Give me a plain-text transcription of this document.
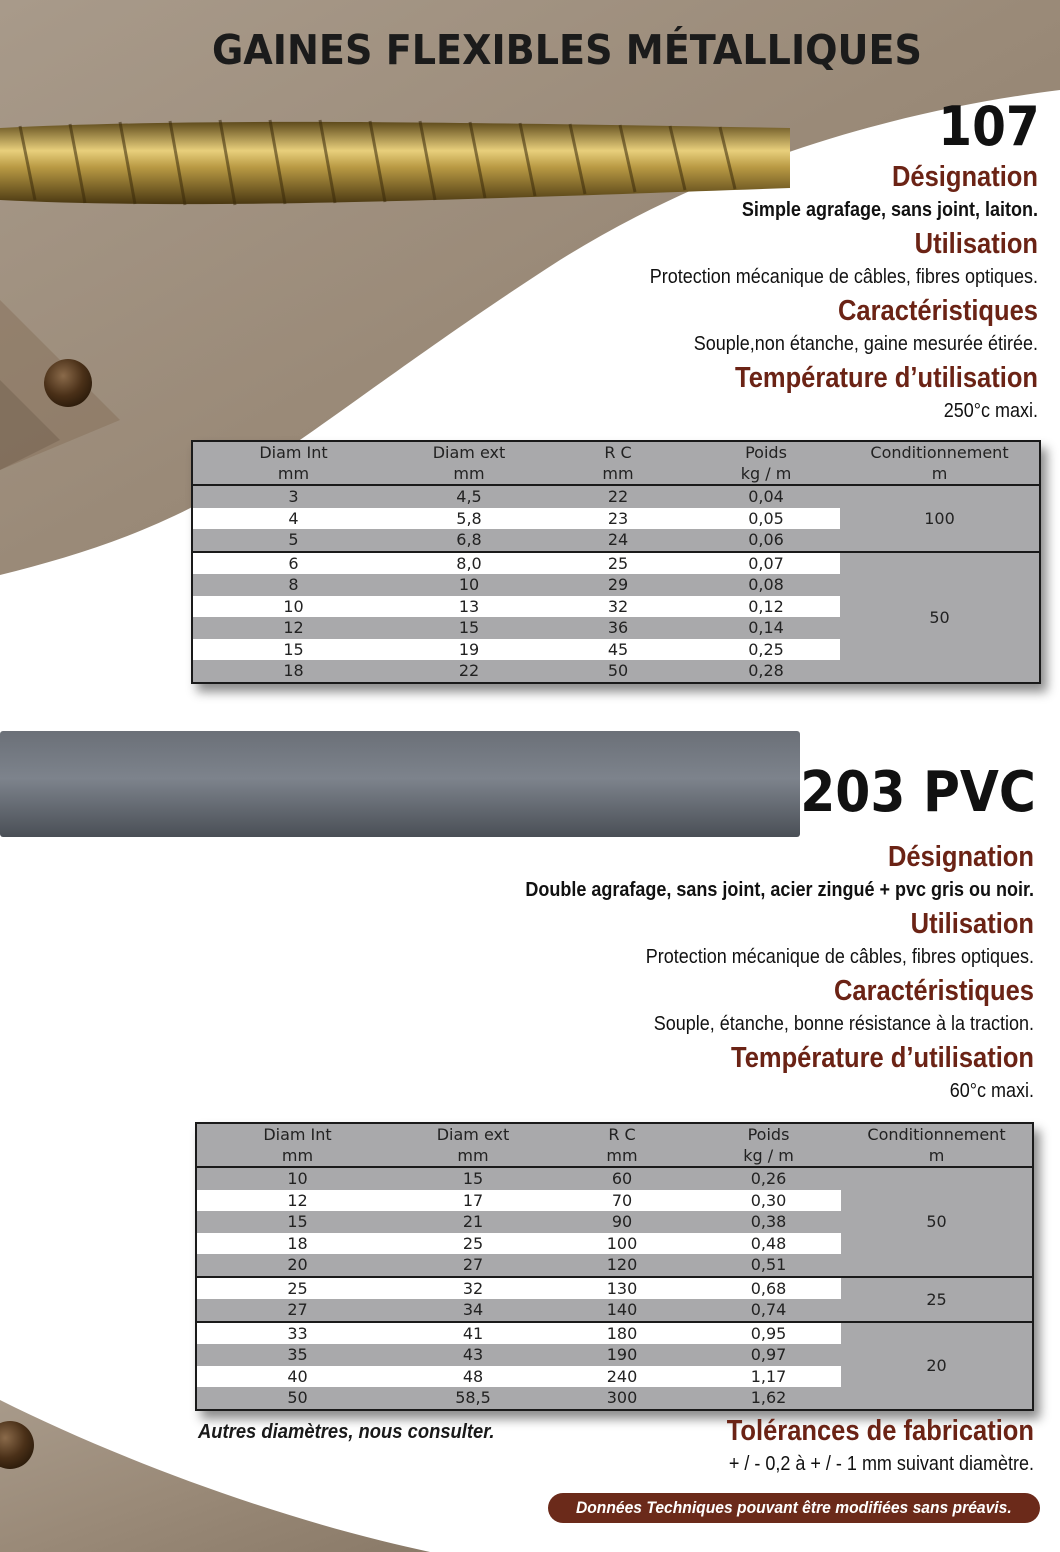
GAINES FLEXIBLES MÉTALLIQUES
107
Désignation
Simple agrafage, sans joint, laiton.
Utilisation
Protection mécanique de câbles, fibres optiques.
Caractéristiques
Souple,non étanche, gaine mesurée étirée.
Température d’utilisation
250°c maxi.
Diam Int	Diam ext	R C	Poids	Conditionnement
mm	mm	mm	kg / m	m
3	4,5	22	0,04	100
4	5,8	23	0,05	
5	6,8	24	0,06	
6	8,0	25	0,07	50
8	10	29	0,08	
10	13	32	0,12	
12	15	36	0,14	
15	19	45	0,25	
18	22	50	0,28	
203 PVC
Désignation
Double agrafage, sans joint, acier zingué + pvc gris ou noir.
Utilisation
Protection mécanique de câbles, fibres optiques.
Caractéristiques
Souple, étanche, bonne résistance à la traction.
Température d’utilisation
60°c maxi.
Diam Int	Diam ext	R C	Poids	Conditionnement
mm	mm	mm	kg / m	m
10	15	60	0,26	50
12	17	70	0,30	
15	21	90	0,38	
18	25	100	0,48	
20	27	120	0,51	
25	32	130	0,68	25
27	34	140	0,74	
33	41	180	0,95	20
35	43	190	0,97	
40	48	240	1,17	
50	58,5	300	1,62	
Autres diamètres, nous consulter.	Tolérances de fabrication
+ / - 0,2 à + / - 1 mm suivant diamètre.
Données Techniques pouvant être modifiées sans préavis.
